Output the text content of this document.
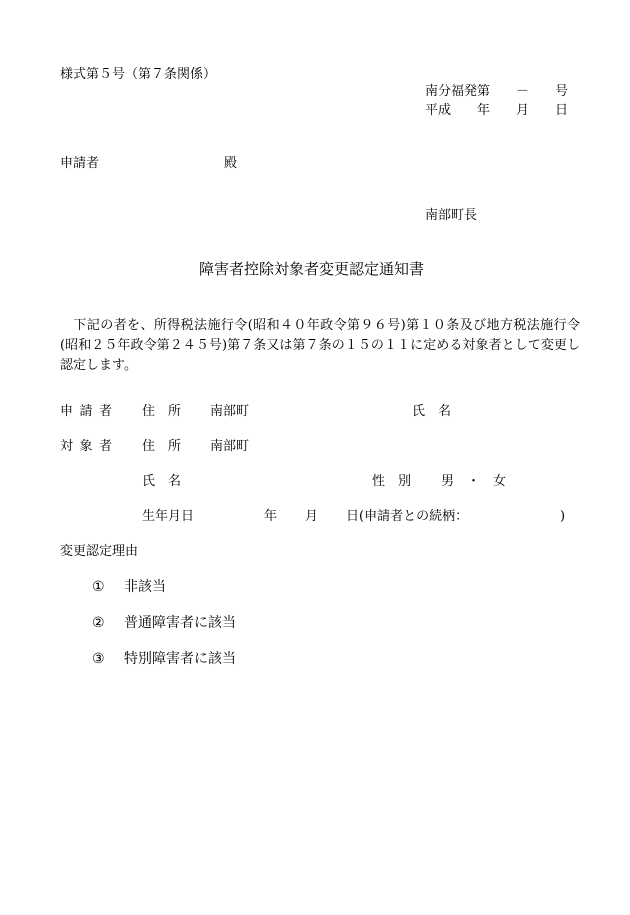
様式第５号（第７条関係）
南分福発第　　－　　号
平成　　年　　月　　日
申請者	殿
南部町長
障害者控除対象者変更認定通知書
　下記の者を、所得税法施行令(昭和４０年政令第９６号)第１０条及び地方税法施行令(昭和２５年政令第２４５号)第７条又は第７条の１５の１１に定める対象者として変更し認定します。
申請者 住　所 南部町	氏　名
対象者 住　所 南部町
氏　名	性　別 男 ・ 女
生年月日	年 月 日(申請者との続柄：	)
変更認定理由
① 非該当
② 普通障害者に該当
③ 特別障害者に該当
